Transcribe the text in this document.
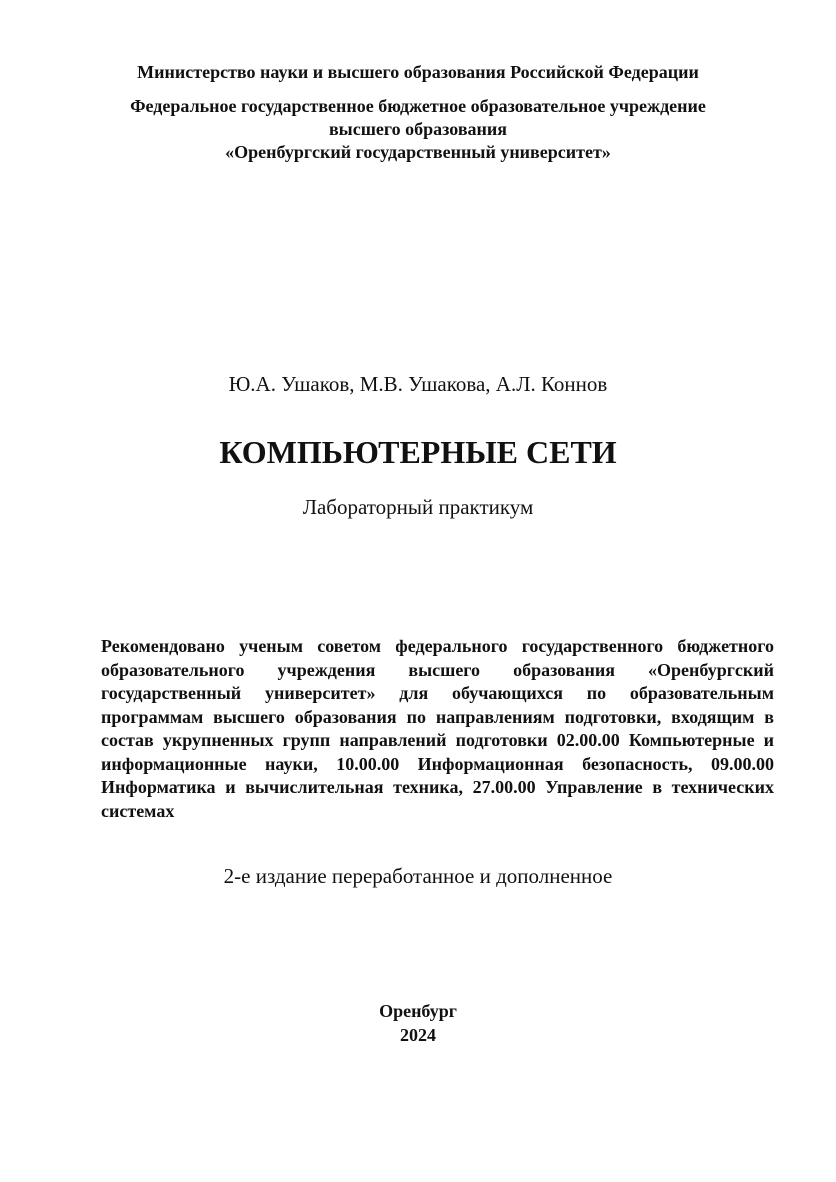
Министерство науки и высшего образования Российской Федерации
Федеральное государственное бюджетное образовательное учреждение
высшего образования
«Оренбургский государственный университет»
Ю.А. Ушаков, М.В. Ушакова, А.Л. Коннов
КОМПЬЮТЕРНЫЕ СЕТИ
Лабораторный практикум
Рекомендовано ученым советом федерального государственного бюджетного образовательного учреждения высшего образования «Оренбургский государственный университет» для обучающихся по образовательным программам высшего образования по направлениям подготовки, входящим в состав укрупненных групп направлений подготовки 02.00.00 Компьютерные и информационные науки, 10.00.00 Информационная безопасность, 09.00.00 Информатика и вычислительная техника, 27.00.00 Управление в технических системах
2-е издание переработанное и дополненное
Оренбург
2024
